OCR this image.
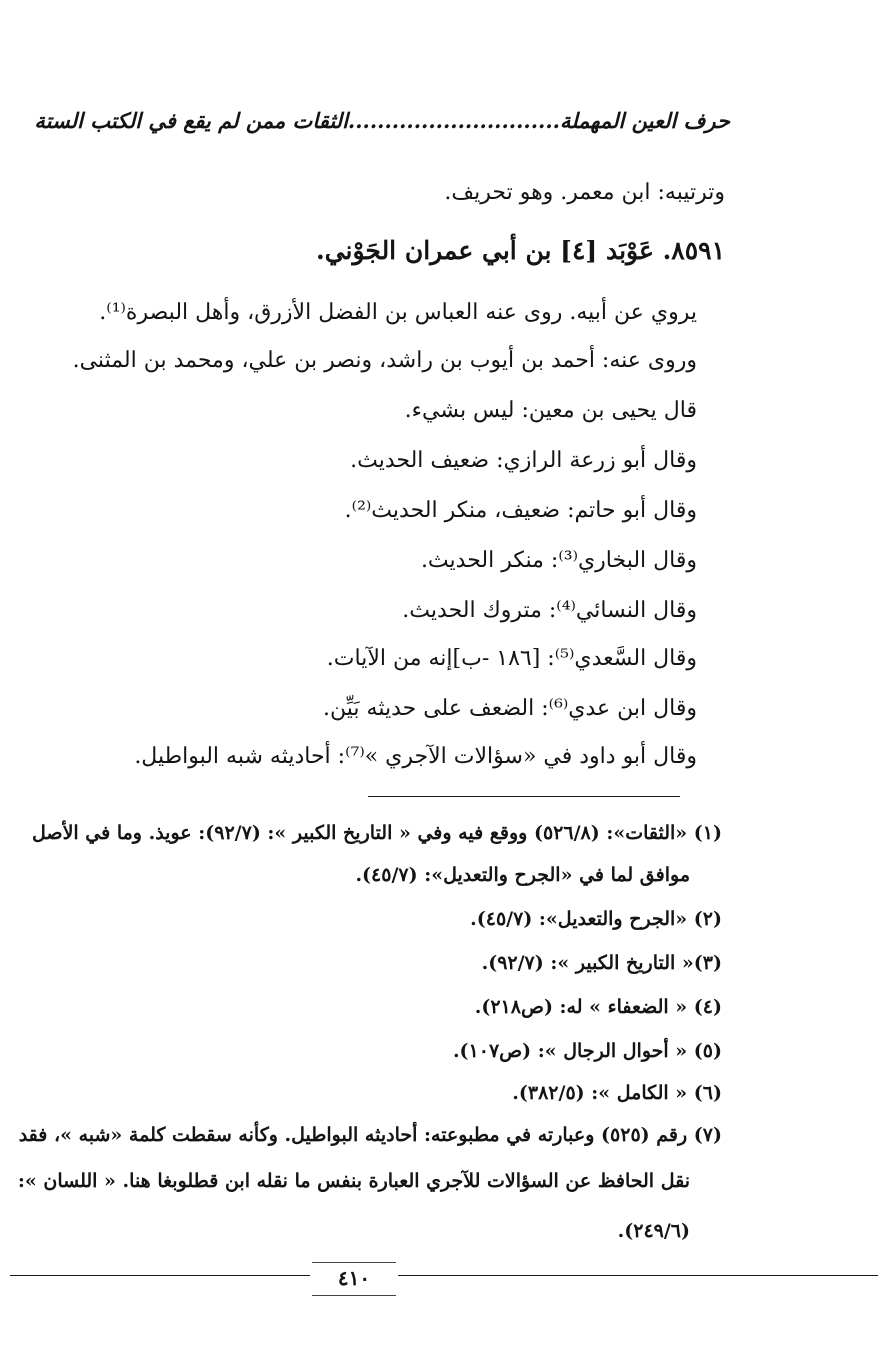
حرف العين المهملة.............................الثقات ممن لم يقع في الكتب الستة
وترتيبه: ابن معمر. وهو تحريف.
٨٥٩١. عَوْبَد [٤] بن أبي عمران الجَوْني.
يروي عن أبيه. روى عنه العباس بن الفضل الأزرق، وأهل البصرة⁽¹⁾.
وروى عنه: أحمد بن أيوب بن راشد، ونصر بن علي، ومحمد بن المثنى.
قال يحيى بن معين: ليس بشيء.
وقال أبو زرعة الرازي: ضعيف الحديث.
وقال أبو حاتم: ضعيف، منكر الحديث⁽²⁾.
وقال البخاري⁽³⁾: منكر الحديث.
وقال النسائي⁽⁴⁾: متروك الحديث.
وقال السَّعدي⁽⁵⁾: [١٨٦ -ب]إنه من الآيات.
وقال ابن عدي⁽⁶⁾: الضعف على حديثه بَيِّن.
وقال أبو داود في «سؤالات الآجري »⁽⁷⁾: أحاديثه شبه البواطيل.
(١) «الثقات»: (٥٢٦/٨) ووقع فيه وفي « التاريخ الكبير »: (٩٢/٧): عويذ. وما في الأصل
موافق لما في «الجرح والتعديل»: (٤٥/٧).
(٢) «الجرح والتعديل»: (٤٥/٧).
(٣)« التاريخ الكبير »: (٩٢/٧).
(٤) « الضعفاء » له: (ص٢١٨).
(٥) « أحوال الرجال »: (ص١٠٧).
(٦) « الكامل »: (٣٨٢/٥).
(٧) رقم (٥٢٥) وعبارته في مطبوعته: أحاديثه البواطيل. وكأنه سقطت كلمة «شبه »، فقد
نقل الحافظ عن السؤالات للآجري العبارة بنفس ما نقله ابن قطلوبغا هنا. « اللسان »:
(٢٤٩/٦).
٤١٠
